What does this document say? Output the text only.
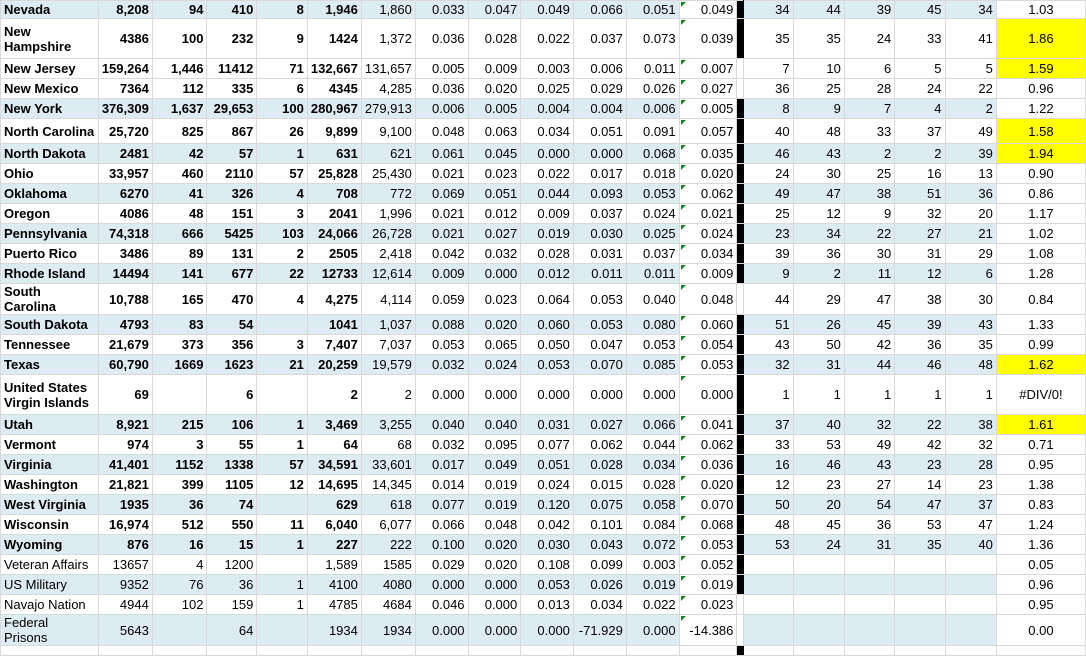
Nevada	8,208	94	410	8	1,946	1,860	0.033	0.047	0.049	0.066	0.051	0.049		34	44	39	45	34	1.03
New Hampshire	4386	100	232	9	1424	1,372	0.036	0.028	0.022	0.037	0.073	0.039		35	35	24	33	41	1.86
New Jersey	159,264	1,446	11412	71	132,667	131,657	0.005	0.009	0.003	0.006	0.011	0.007		7	10	6	5	5	1.59
New Mexico	7364	112	335	6	4345	4,285	0.036	0.020	0.025	0.029	0.026	0.027		36	25	28	24	22	0.96
New York	376,309	1,637	29,653	100	280,967	279,913	0.006	0.005	0.004	0.004	0.006	0.005		8	9	7	4	2	1.22
North Carolina	25,720	825	867	26	9,899	9,100	0.048	0.063	0.034	0.051	0.091	0.057		40	48	33	37	49	1.58
North Dakota	2481	42	57	1	631	621	0.061	0.045	0.000	0.000	0.068	0.035		46	43	2	2	39	1.94
Ohio	33,957	460	2110	57	25,828	25,430	0.021	0.023	0.022	0.017	0.018	0.020		24	30	25	16	13	0.90
Oklahoma	6270	41	326	4	708	772	0.069	0.051	0.044	0.093	0.053	0.062		49	47	38	51	36	0.86
Oregon	4086	48	151	3	2041	1,996	0.021	0.012	0.009	0.037	0.024	0.021		25	12	9	32	20	1.17
Pennsylvania	74,318	666	5425	103	24,066	26,728	0.021	0.027	0.019	0.030	0.025	0.024		23	34	22	27	21	1.02
Puerto Rico	3486	89	131	2	2505	2,418	0.042	0.032	0.028	0.031	0.037	0.034		39	36	30	31	29	1.08
Rhode Island	14494	141	677	22	12733	12,614	0.009	0.000	0.012	0.011	0.011	0.009		9	2	11	12	6	1.28
South Carolina	10,788	165	470	4	4,275	4,114	0.059	0.023	0.064	0.053	0.040	0.048		44	29	47	38	30	0.84
South Dakota	4793	83	54		1041	1,037	0.088	0.020	0.060	0.053	0.080	0.060		51	26	45	39	43	1.33
Tennessee	21,679	373	356	3	7,407	7,037	0.053	0.065	0.050	0.047	0.053	0.054		43	50	42	36	35	0.99
Texas	60,790	1669	1623	21	20,259	19,579	0.032	0.024	0.053	0.070	0.085	0.053		32	31	44	46	48	1.62
United States Virgin Islands	69		6		2	2	0.000	0.000	0.000	0.000	0.000	0.000		1	1	1	1	1	#DIV/0!
Utah	8,921	215	106	1	3,469	3,255	0.040	0.040	0.031	0.027	0.066	0.041		37	40	32	22	38	1.61
Vermont	974	3	55	1	64	68	0.032	0.095	0.077	0.062	0.044	0.062		33	53	49	42	32	0.71
Virginia	41,401	1152	1338	57	34,591	33,601	0.017	0.049	0.051	0.028	0.034	0.036		16	46	43	23	28	0.95
Washington	21,821	399	1105	12	14,695	14,345	0.014	0.019	0.024	0.015	0.028	0.020		12	23	27	14	23	1.38
West Virginia	1935	36	74		629	618	0.077	0.019	0.120	0.075	0.058	0.070		50	20	54	47	37	0.83
Wisconsin	16,974	512	550	11	6,040	6,077	0.066	0.048	0.042	0.101	0.084	0.068		48	45	36	53	47	1.24
Wyoming	876	16	15	1	227	222	0.100	0.020	0.030	0.043	0.072	0.053		53	24	31	35	40	1.36
Veteran Affairs	13657	4	1200		1,589	1585	0.029	0.020	0.108	0.099	0.003	0.052							0.05
US Military	9352	76	36	1	4100	4080	0.000	0.000	0.053	0.026	0.019	0.019							0.96
Navajo Nation	4944	102	159	1	4785	4684	0.046	0.000	0.013	0.034	0.022	0.023							0.95
Federal Prisons	5643		64		1934	1934	0.000	0.000	0.000	-71.929	0.000	-14.386							0.00
